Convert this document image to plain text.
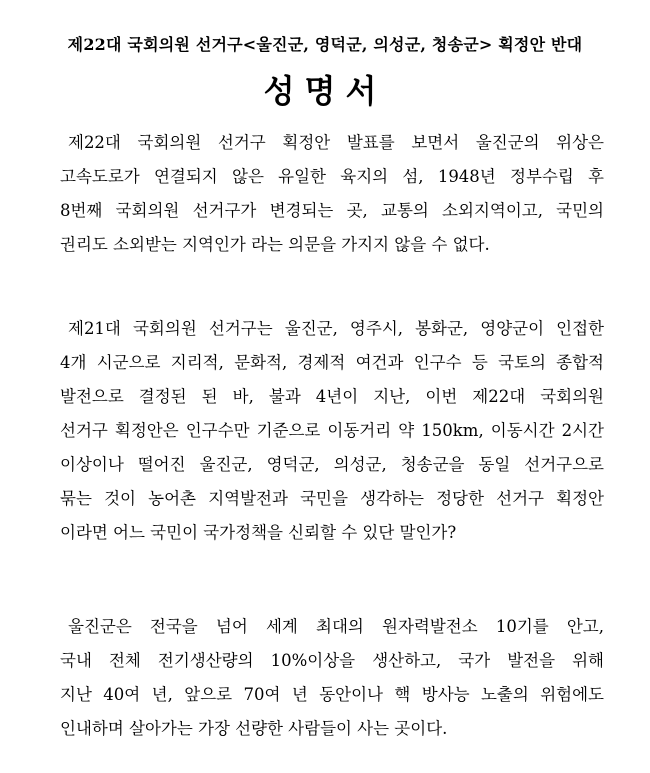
제22대 국회의원 선거구<울진군, 영덕군, 의성군, 청송군> 획정안 반대
성명서
제22대 국회의원 선거구 획정안 발표를 보면서 울진군의 위상은
고속도로가 연결되지 않은 유일한 육지의 섬, 1948년 정부수립 후
8번째 국회의원 선거구가 변경되는 곳, 교통의 소외지역이고, 국민의
권리도 소외받는 지역인가 라는 의문을 가지지 않을 수 없다.
제21대 국회의원 선거구는 울진군, 영주시, 봉화군, 영양군이 인접한
4개 시군으로 지리적, 문화적, 경제적 여건과 인구수 등 국토의 종합적
발전으로 결정된 된 바, 불과 4년이 지난, 이번 제22대 국회의원
선거구 획정안은 인구수만 기준으로 이동거리 약 150km, 이동시간 2시간
이상이나 떨어진 울진군, 영덕군, 의성군, 청송군을 동일 선거구으로
묶는 것이 농어촌 지역발전과 국민을 생각하는 정당한 선거구 획정안
이라면 어느 국민이 국가정책을 신뢰할 수 있단 말인가?
울진군은 전국을 넘어 세계 최대의 원자력발전소 10기를 안고,
국내 전체 전기생산량의 10%이상을 생산하고, 국가 발전을 위해
지난 40여 년, 앞으로 70여 년 동안이나 핵 방사능 노출의 위험에도
인내하며 살아가는 가장 선량한 사람들이 사는 곳이다.
